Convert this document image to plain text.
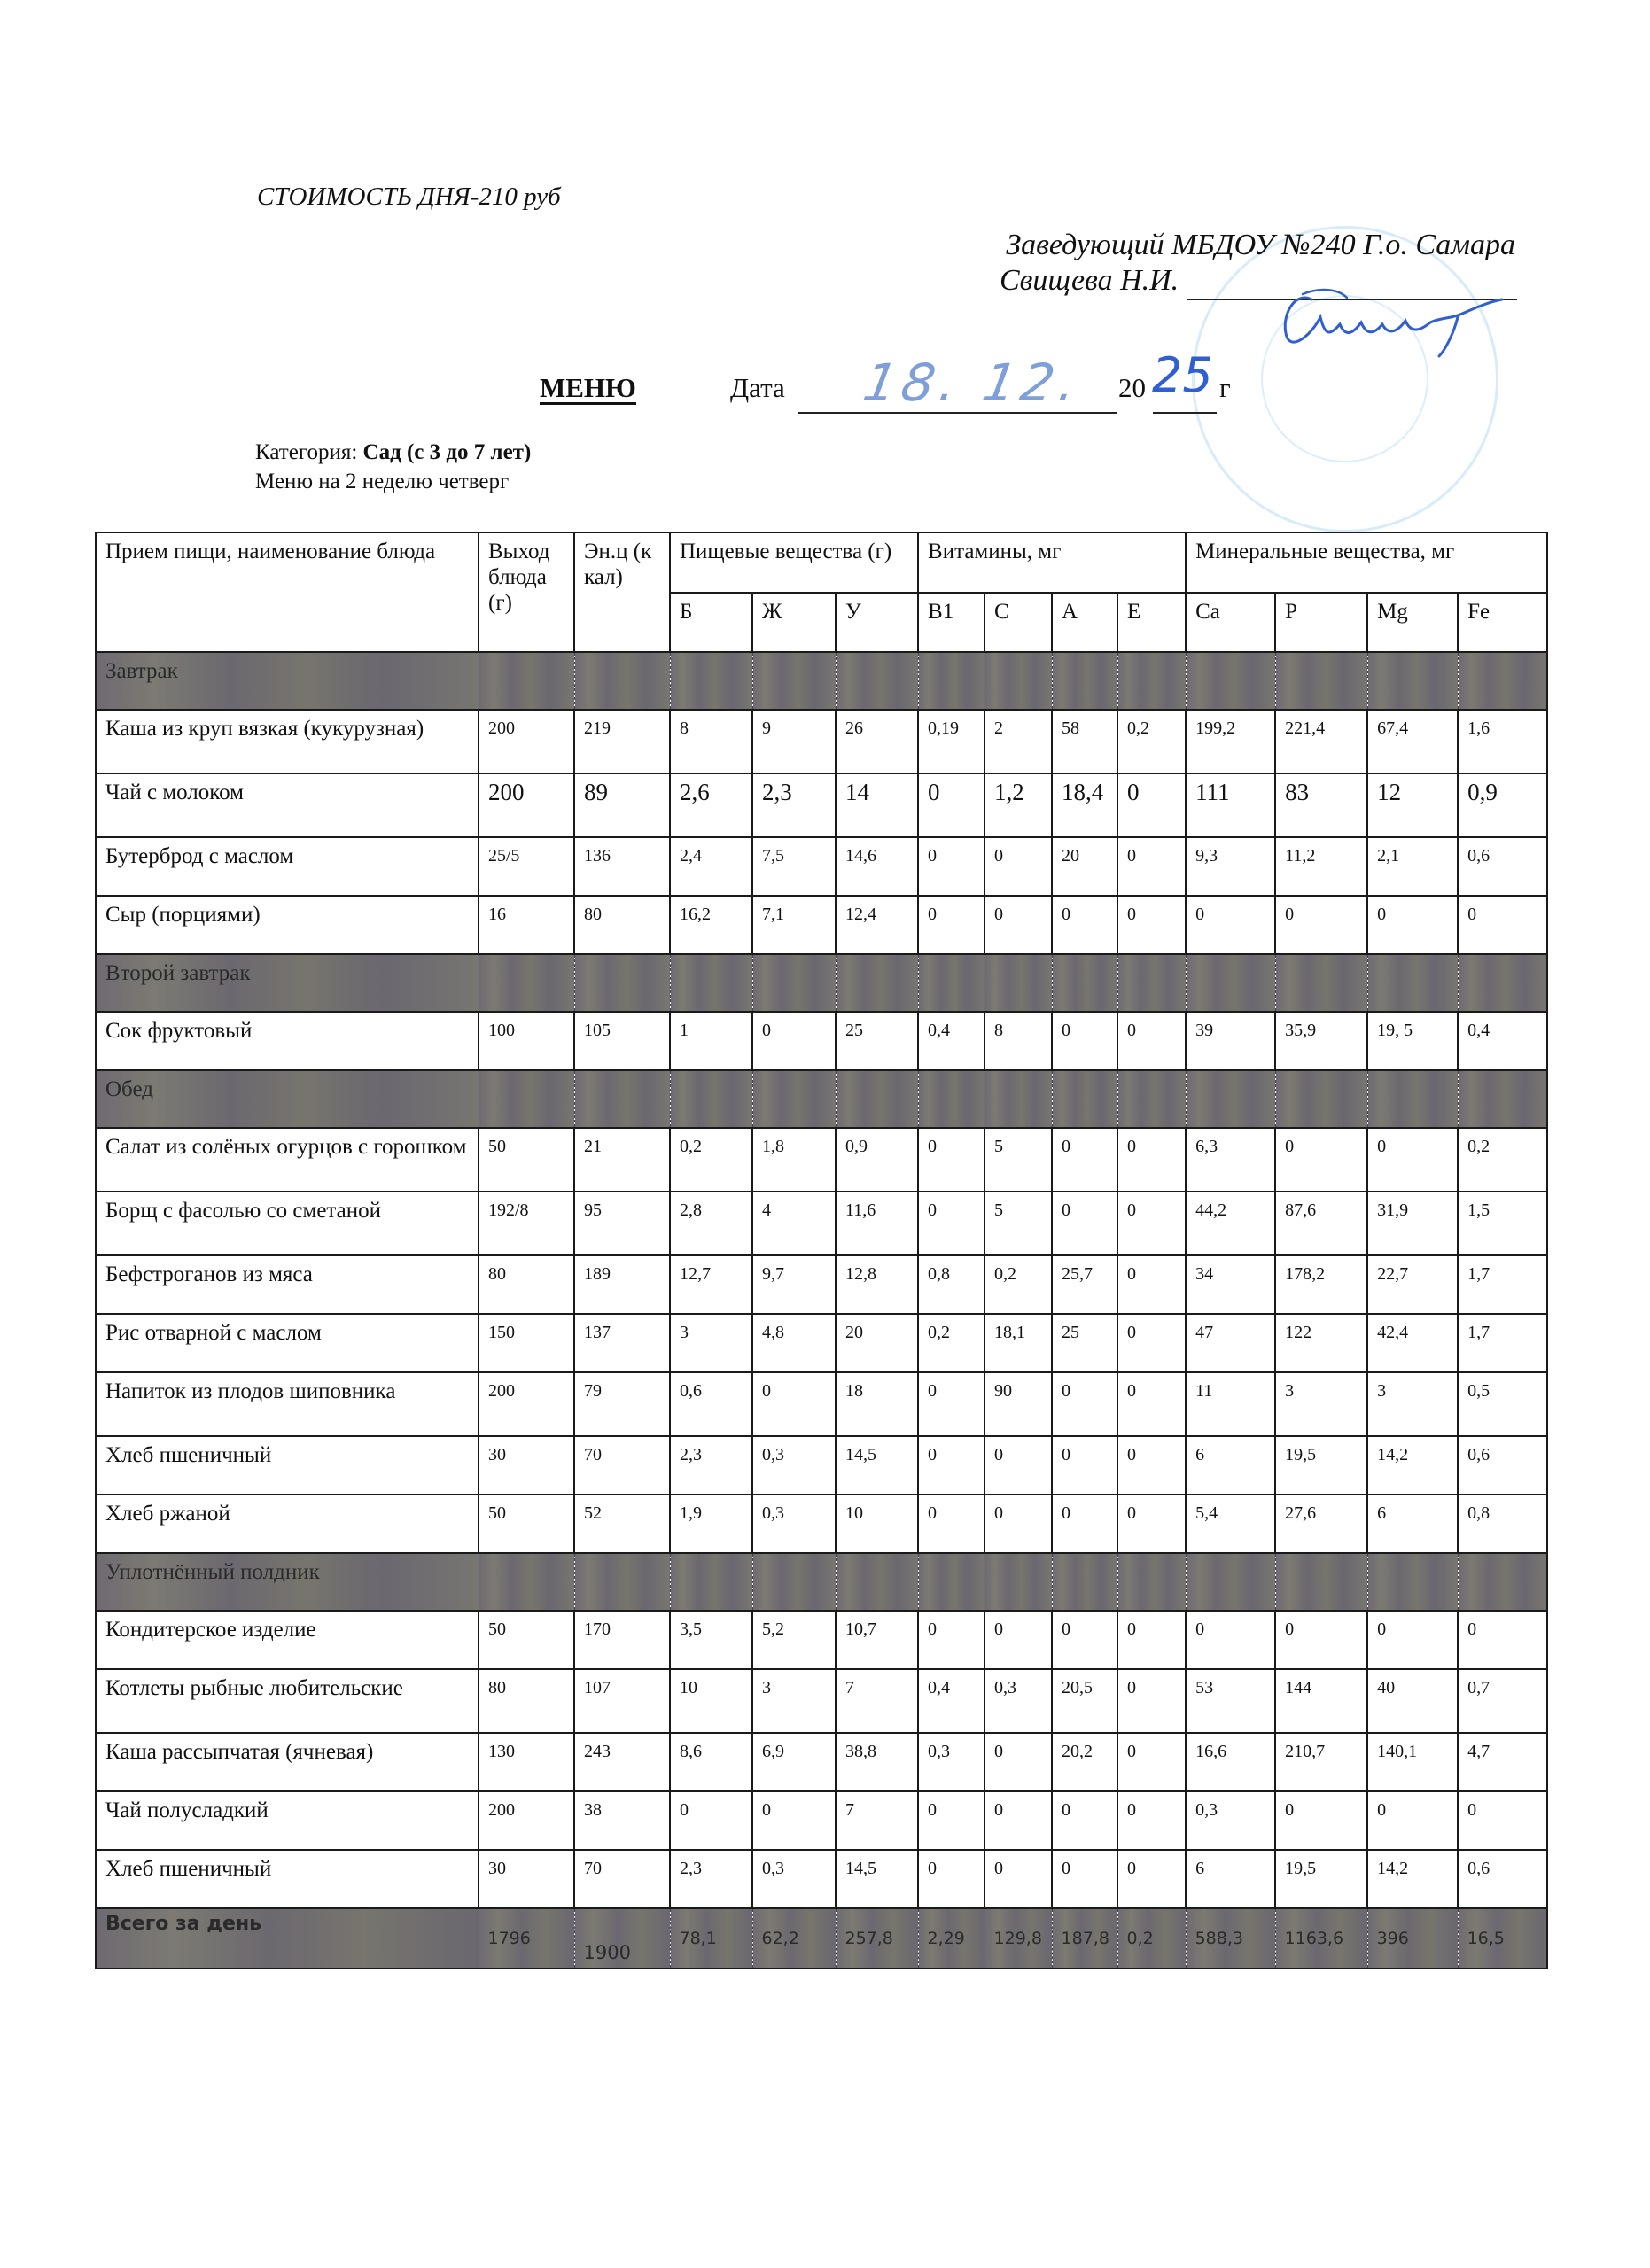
СТОИМОСТЬ ДНЯ-210 руб
Заведующий МБДОУ №240 Г.о. Самара
Свищева Н.И.
МЕНЮ	Дата 18. 12. 20 25 г
Категория: Сад (с 3 до 7 лет)
Меню на 2 неделю четверг
Прием пищи, наименование блюда	Выход блюда (г)	Эн.ц (ккал)	Пищевые вещества (г)			Витамины, мг				Минеральные вещества, мг			
			Б	Ж	У	B1	C	A	E	Ca	P	Mg	Fe
Завтрак													
Каша из круп вязкая (кукурузная)	200	219	8	9	26	0,19	2	58	0,2	199,2	221,4	67,4	1,6
Чай с молоком	200	89	2,6	2,3	14	0	1,2	18,4	0	111	83	12	0,9
Бутерброд с маслом	25/5	136	2,4	7,5	14,6	0	0	20	0	9,3	11,2	2,1	0,6
Сыр (порциями)	16	80	16,2	7,1	12,4	0	0	0	0	0	0	0	0
Второй завтрак													
Сок фруктовый	100	105	1	0	25	0,4	8	0	0	39	35,9	19, 5	0,4
Обед													
Салат из солёных огурцов с горошком	50	21	0,2	1,8	0,9	0	5	0	0	6,3	0	0	0,2
Борщ с фасолью со сметаной	192/8	95	2,8	4	11,6	0	5	0	0	44,2	87,6	31,9	1,5
Бефстроганов из мяса	80	189	12,7	9,7	12,8	0,8	0,2	25,7	0	34	178,2	22,7	1,7
Рис отварной с маслом	150	137	3	4,8	20	0,2	18,1	25	0	47	122	42,4	1,7
Напиток из плодов шиповника	200	79	0,6	0	18	0	90	0	0	11	3	3	0,5
Хлеб пшеничный	30	70	2,3	0,3	14,5	0	0	0	0	6	19,5	14,2	0,6
Хлеб ржаной	50	52	1,9	0,3	10	0	0	0	0	5,4	27,6	6	0,8
Уплотнённый полдник													
Кондитерское изделие	50	170	3,5	5,2	10,7	0	0	0	0	0	0	0	0
Котлеты рыбные любительские	80	107	10	3	7	0,4	0,3	20,5	0	53	144	40	0,7
Каша рассыпчатая (ячневая)	130	243	8,6	6,9	38,8	0,3	0	20,2	0	16,6	210,7	140,1	4,7
Чай полусладкий	200	38	0	0	7	0	0	0	0	0,3	0	0	0
Хлеб пшеничный	30	70	2,3	0,3	14,5	0	0	0	0	6	19,5	14,2	0,6
Всего за день	1796	1900	78,1	62,2	257,8	2,29	129,8	187,8	0,2	588,3	1163,6	396	16,5
